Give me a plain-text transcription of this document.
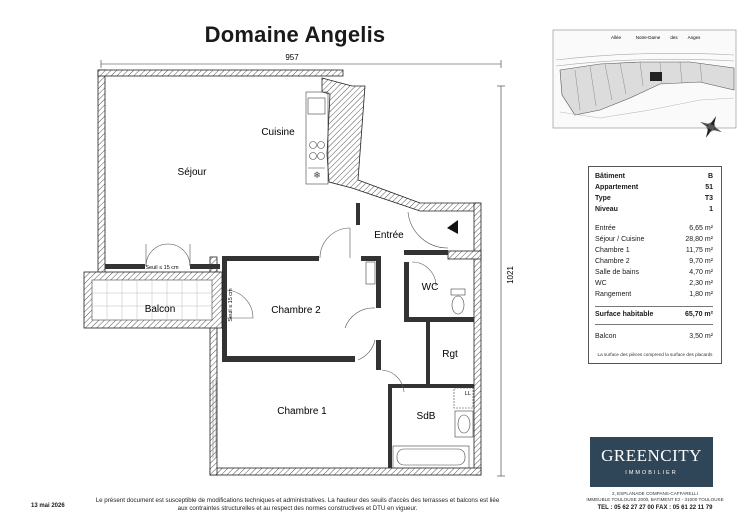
Domaine Angelis
957
1021
❄
LL
Séjour
Cuisine
Entrée
Chambre 2
Chambre 1
WC
Rgt
SdB
Balcon
Seuil ≤ 15 cm
Seuil ≤ 15 cm
Allée	Notre-Dame des Anges
Bâtiment	B
Appartement	51
Type	T3
Niveau	1
Entrée	6,65 m²
Séjour / Cuisine	28,80 m²
Chambre 1	11,75 m²
Chambre 2	9,70 m²
Salle de bains	4,70 m²
WC	2,30 m²
Rangement	1,80 m²
Surface habitable	65,70 m²
Balcon	3,50 m²
La surface des pièces comprend la surface des placards
GREENCITY
IMMOBILIER
2, ESPLANADE COMPANS-CAFFARELLI
IMMEUBLE TOULOUSE 2000, BATIMENT E2 - 31000 TOULOUSE
TEL : 05 62 27 27 00 FAX : 05 61 22 11 79
13 mai 2026
Le présent document est susceptible de modifications techniques et administratives. La hauteur des seuils d'accès des terrasses et balcons est liée
aux contraintes structurelles et au respect des normes constructives et DTU en vigueur.
